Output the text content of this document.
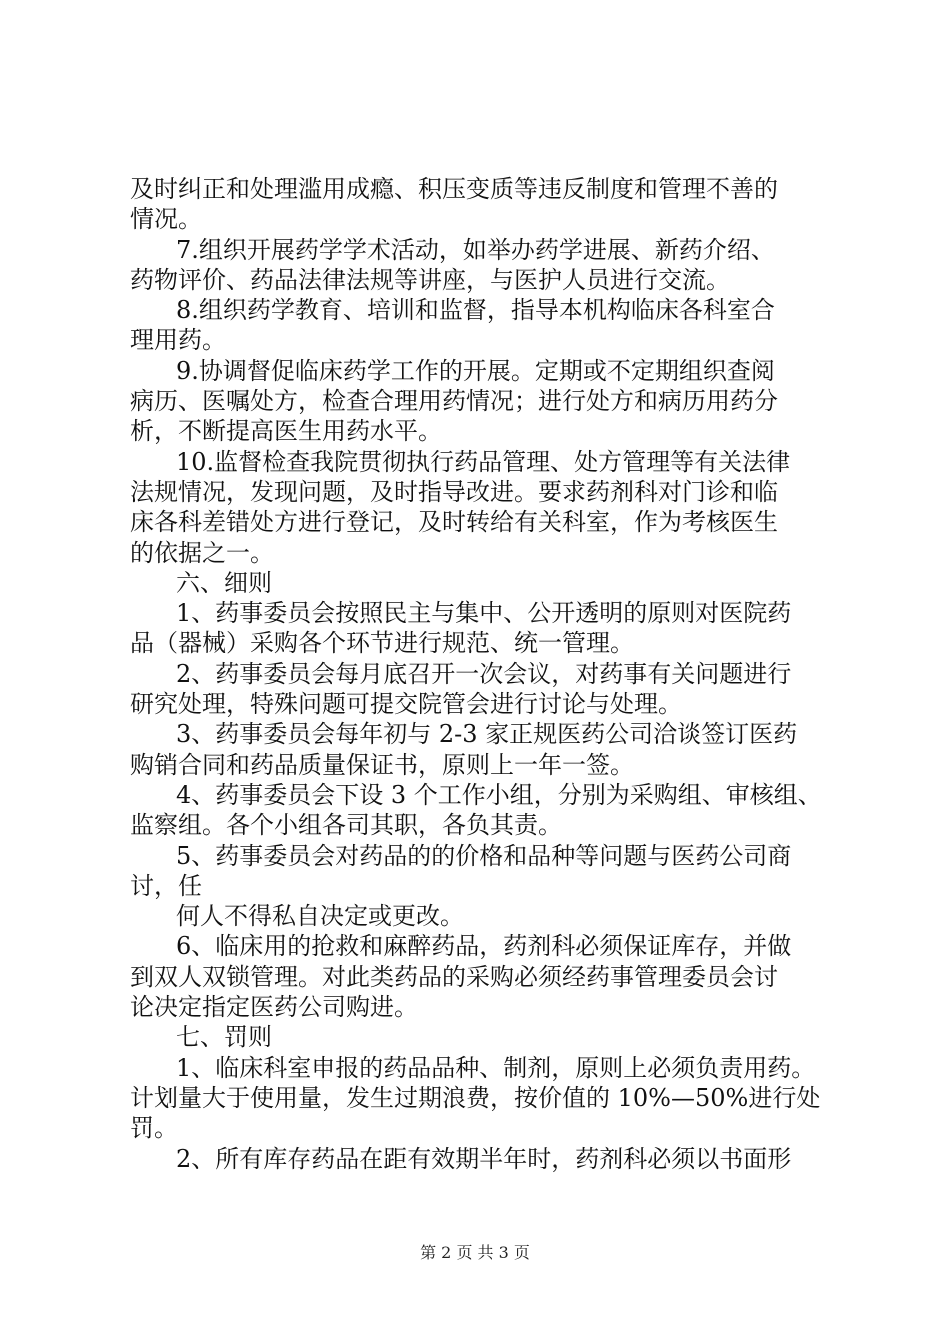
及时纠正和处理滥用成瘾、积压变质等违反制度和管理不善的
情况。
7.组织开展药学学术活动，如举办药学进展、新药介绍、
药物评价、药品法律法规等讲座，与医护人员进行交流。
8.组织药学教育、培训和监督，指导本机构临床各科室合
理用药。
9.协调督促临床药学工作的开展。定期或不定期组织查阅
病历、医嘱处方，检查合理用药情况；进行处方和病历用药分
析，不断提高医生用药水平。
10.监督检查我院贯彻执行药品管理、处方管理等有关法律
法规情况，发现问题，及时指导改进。要求药剂科对门诊和临
床各科差错处方进行登记，及时转给有关科室，作为考核医生
的依据之一。
六、细则
1、药事委员会按照民主与集中、公开透明的原则对医院药
品（器械）采购各个环节进行规范、统一管理。
2、药事委员会每月底召开一次会议，对药事有关问题进行
研究处理，特殊问题可提交院管会进行讨论与处理。
3、药事委员会每年初与 2-3 家正规医药公司洽谈签订医药
购销合同和药品质量保证书，原则上一年一签。
4、药事委员会下设 3 个工作小组，分别为采购组、审核组、
监察组。各个小组各司其职，各负其责。
5、药事委员会对药品的的价格和品种等问题与医药公司商
讨，任
何人不得私自决定或更改。
6、临床用的抢救和麻醉药品，药剂科必须保证库存，并做
到双人双锁管理。对此类药品的采购必须经药事管理委员会讨
论决定指定医药公司购进。
七、罚则
1、临床科室申报的药品品种、制剂，原则上必须负责用药。
计划量大于使用量，发生过期浪费，按价值的 10%—50%进行处
罚。
2、所有库存药品在距有效期半年时，药剂科必须以书面形
第 2 页 共 3 页
